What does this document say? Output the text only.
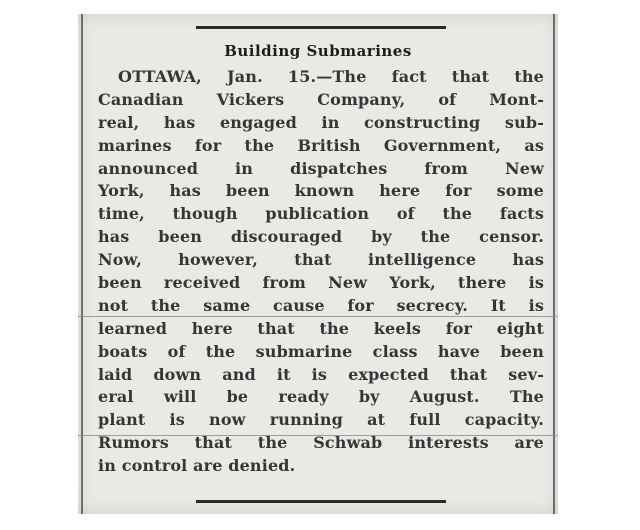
Building Submarines
OTTAWA, Jan. 15.—The fact that the
Canadian Vickers Company, of Mont-
real, has engaged in constructing sub-
marines for the British Government, as
announced in dispatches from New
York, has been known here for some
time, though publication of the facts
has been discouraged by the censor.
Now, however, that intelligence has
been received from New York, there is
not the same cause for secrecy. It is
learned here that the keels for eight
boats of the submarine class have been
laid down and it is expected that sev-
eral will be ready by August. The
plant is now running at full capacity.
Rumors that the Schwab interests are
in control are denied.
